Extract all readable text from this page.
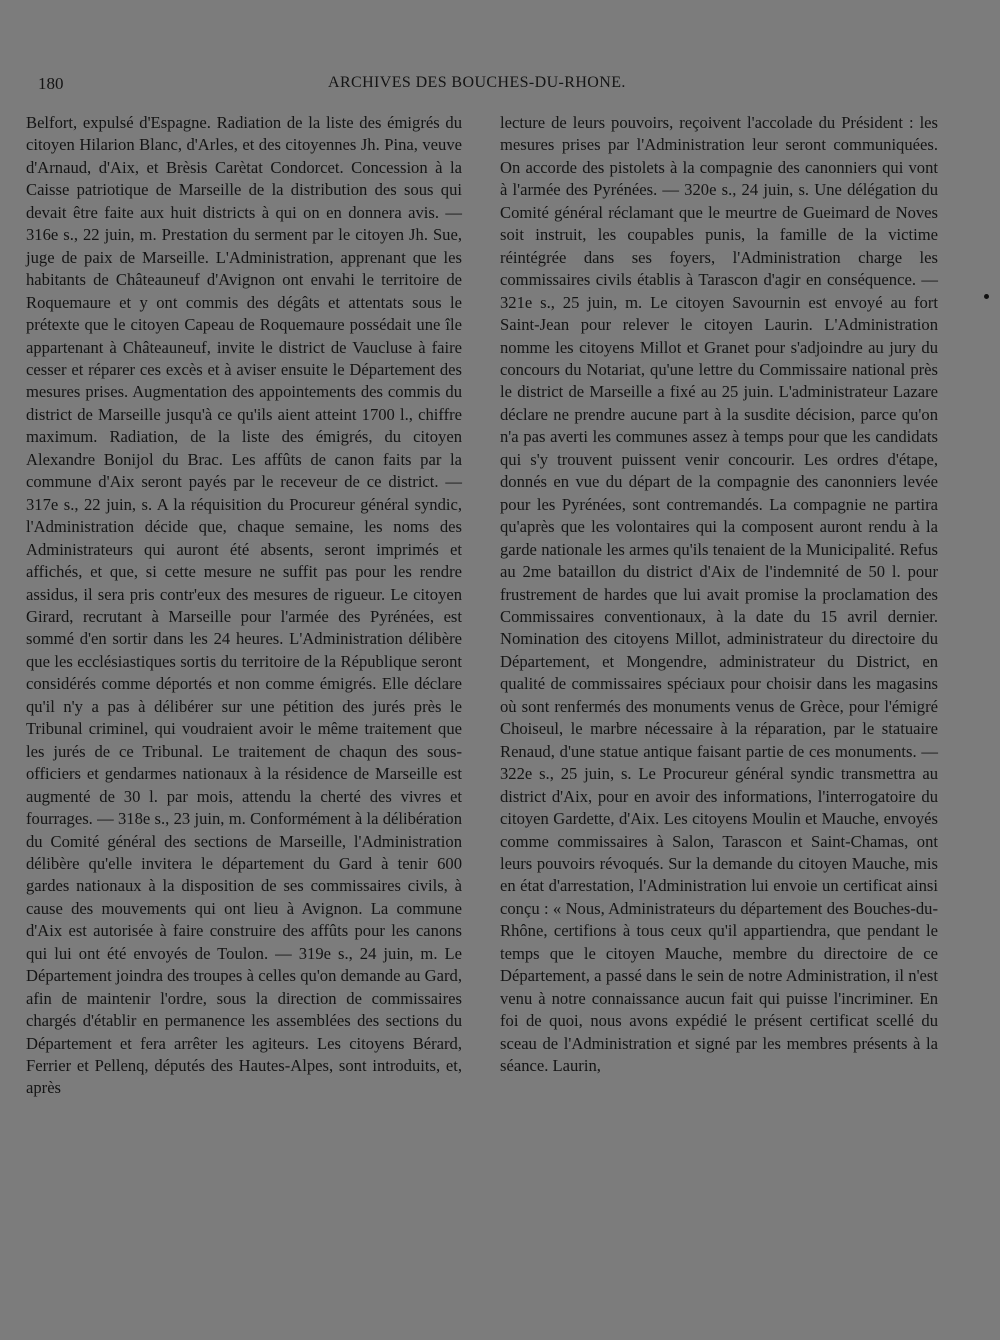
180	ARCHIVES DES BOUCHES-DU-RHONE.

Belfort, expulsé d'Espagne. Radiation de la liste des émigrés du citoyen Hilarion Blanc, d'Arles, et des citoyennes Jh. Pina, veuve d'Arnaud, d'Aix, et Brèsis Carètat Condorcet. Concession à la Caisse patriotique de Marseille de la distribution des sous qui devait être faite aux huit districts à qui on en donnera avis. — 316e s., 22 juin, m. Prestation du serment par le citoyen Jh. Sue, juge de paix de Marseille. L'Administration, apprenant que les habitants de Châteauneuf d'Avignon ont envahi le territoire de Roquemaure et y ont commis des dégâts et attentats sous le prétexte que le citoyen Capeau de Roquemaure possédait une île appartenant à Châteauneuf, invite le district de Vaucluse à faire cesser et réparer ces excès et à aviser ensuite le Département des mesures prises. Augmentation des appointements des commis du district de Marseille jusqu'à ce qu'ils aient atteint 1700 l., chiffre maximum. Radiation, de la liste des émigrés, du citoyen Alexandre Bonijol du Brac. Les affûts de canon faits par la commune d'Aix seront payés par le receveur de ce district. — 317e s., 22 juin, s. A la réquisition du Procureur général syndic, l'Administration décide que, chaque semaine, les noms des Administrateurs qui auront été absents, seront imprimés et affichés, et que, si cette mesure ne suffit pas pour les rendre assidus, il sera pris contr'eux des mesures de rigueur. Le citoyen Girard, recrutant à Marseille pour l'armée des Pyrénées, est sommé d'en sortir dans les 24 heures. L'Administration délibère que les ecclésiastiques sortis du territoire de la République seront considérés comme déportés et non comme émigrés. Elle déclare qu'il n'y a pas à délibérer sur une pétition des jurés près le Tribunal criminel, qui voudraient avoir le même traitement que les jurés de ce Tribunal. Le traitement de chaqun des sous-officiers et gendarmes nationaux à la résidence de Marseille est augmenté de 30 l. par mois, attendu la cherté des vivres et fourrages. — 318e s., 23 juin, m. Conformément à la délibération du Comité général des sections de Marseille, l'Administration délibère qu'elle invitera le département du Gard à tenir 600 gardes nationaux à la disposition de ses commissaires civils, à cause des mouvements qui ont lieu à Avignon. La commune d'Aix est autorisée à faire construire des affûts pour les canons qui lui ont été envoyés de Toulon. — 319e s., 24 juin, m. Le Département joindra des troupes à celles qu'on demande au Gard, afin de maintenir l'ordre, sous la direction de commissaires chargés d'établir en permanence les assemblées des sections du Département et fera arrêter les agiteurs. Les citoyens Bérard, Ferrier et Pellenq, députés des Hautes-Alpes, sont introduits, et, après

lecture de leurs pouvoirs, reçoivent l'accolade du Président : les mesures prises par l'Administration leur seront communiquées. On accorde des pistolets à la compagnie des canonniers qui vont à l'armée des Pyrénées. — 320e s., 24 juin, s. Une délégation du Comité général réclamant que le meurtre de Gueimard de Noves soit instruit, les coupables punis, la famille de la victime réintégrée dans ses foyers, l'Administration charge les commissaires civils établis à Tarascon d'agir en conséquence. — 321e s., 25 juin, m. Le citoyen Savournin est envoyé au fort Saint-Jean pour relever le citoyen Laurin. L'Administration nomme les citoyens Millot et Granet pour s'adjoindre au jury du concours du Notariat, qu'une lettre du Commissaire national près le district de Marseille a fixé au 25 juin. L'administrateur Lazare déclare ne prendre aucune part à la susdite décision, parce qu'on n'a pas averti les communes assez à temps pour que les candidats qui s'y trouvent puissent venir concourir. Les ordres d'étape, donnés en vue du départ de la compagnie des canonniers levée pour les Pyrénées, sont contremandés. La compagnie ne partira qu'après que les volontaires qui la composent auront rendu à la garde nationale les armes qu'ils tenaient de la Municipalité. Refus au 2me bataillon du district d'Aix de l'indemnité de 50 l. pour frustrement de hardes que lui avait promise la proclamation des Commissaires conventionaux, à la date du 15 avril dernier. Nomination des citoyens Millot, administrateur du directoire du Département, et Mongendre, administrateur du District, en qualité de commissaires spéciaux pour choisir dans les magasins où sont renfermés des monuments venus de Grèce, pour l'émigré Choiseul, le marbre nécessaire à la réparation, par le statuaire Renaud, d'une statue antique faisant partie de ces monuments. — 322e s., 25 juin, s. Le Procureur général syndic transmettra au district d'Aix, pour en avoir des informations, l'interrogatoire du citoyen Gardette, d'Aix. Les citoyens Moulin et Mauche, envoyés comme commissaires à Salon, Tarascon et Saint-Chamas, ont leurs pouvoirs révoqués. Sur la demande du citoyen Mauche, mis en état d'arrestation, l'Administration lui envoie un certificat ainsi conçu : « Nous, Administrateurs du département des Bouches-du-Rhône, certifions à tous ceux qu'il appartiendra, que pendant le temps que le citoyen Mauche, membre du directoire de ce Département, a passé dans le sein de notre Administration, il n'est venu à notre connaissance aucun fait qui puisse l'incriminer. En foi de quoi, nous avons expédié le présent certificat scellé du sceau de l'Administration et signé par les membres présents à la séance. Laurin,
